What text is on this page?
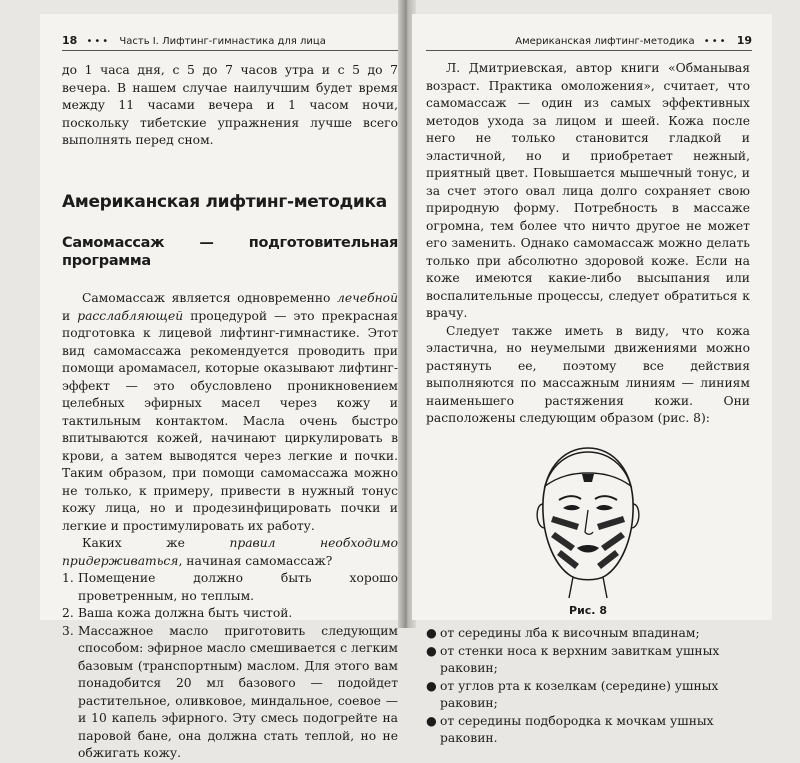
18 ••• Часть I. Лифтинг-гимнастика для лица

до 1 часа дня, с 5 до 7 часов утра и с 5 до 7 вечера. В нашем случае наилучшим будет время между 11 часами вечера и 1 часом ночи, поскольку тибетские упражнения лучше всего выполнять перед сном.

Американская лифтинг-методика
Самомассаж — подготовительная программа

Самомассаж является одновременно лечебной и расслабляющей процедурой — это прекрасная подготовка к лицевой лифтинг-гимнастике. Этот вид самомассажа рекомендуется проводить при помощи аромамасел, которые оказывают лифтинг-эффект — это обусловлено проникновением целебных эфирных масел через кожу и тактильным контактом. Масла очень быстро впитываются кожей, начинают циркулировать в крови, а затем выводятся через легкие и почки. Таким образом, при помощи самомассажа можно не только, к примеру, привести в нужный тонус кожу лица, но и продезинфицировать почки и легкие и простимулировать их работу.

Каких же правил необходимо придерживаться, начиная самомассаж?

1. Помещение должно быть хорошо проветренным, но теплым.
2. Ваша кожа должна быть чистой.
3. Массажное масло приготовить следующим способом: эфирное масло смешивается с легким базовым (транспортным) маслом. Для этого вам понадобится 20 мл базового — подойдет растительное, оливковое, миндальное, соевое — и 10 капель эфирного. Эту смесь подогрейте на паровой бане, она должна стать теплой, но не обжигать кожу.
Американская лифтинг-методика ••• 19

Л. Дмитриевская, автор книги «Обманывая возраст. Практика омоложения», считает, что самомассаж — один из самых эффективных методов ухода за лицом и шеей. Кожа после него не только становится гладкой и эластичной, но и приобретает нежный, приятный цвет. Повышается мышечный тонус, и за счет этого овал лица долго сохраняет свою природную форму. Потребность в массаже огромна, тем более что ничто другое не может его заменить. Однако самомассаж можно делать только при абсолютно здоровой коже. Если на коже имеются какие-либо высыпания или воспалительные процессы, следует обратиться к врачу.

Следует также иметь в виду, что кожа эластична, но неумелыми движениями можно растянуть ее, поэтому все действия выполняются по массажным линиям — линиям наименьшего растяжения кожи. Они расположены следующим образом (рис. 8):

Рис. 8
● от середины лба к височным впадинам;
● от стенки носа к верхним завиткам ушных раковин;
● от углов рта к козелкам (середине) ушных раковин;
● от середины подбородка к мочкам ушных раковин.
